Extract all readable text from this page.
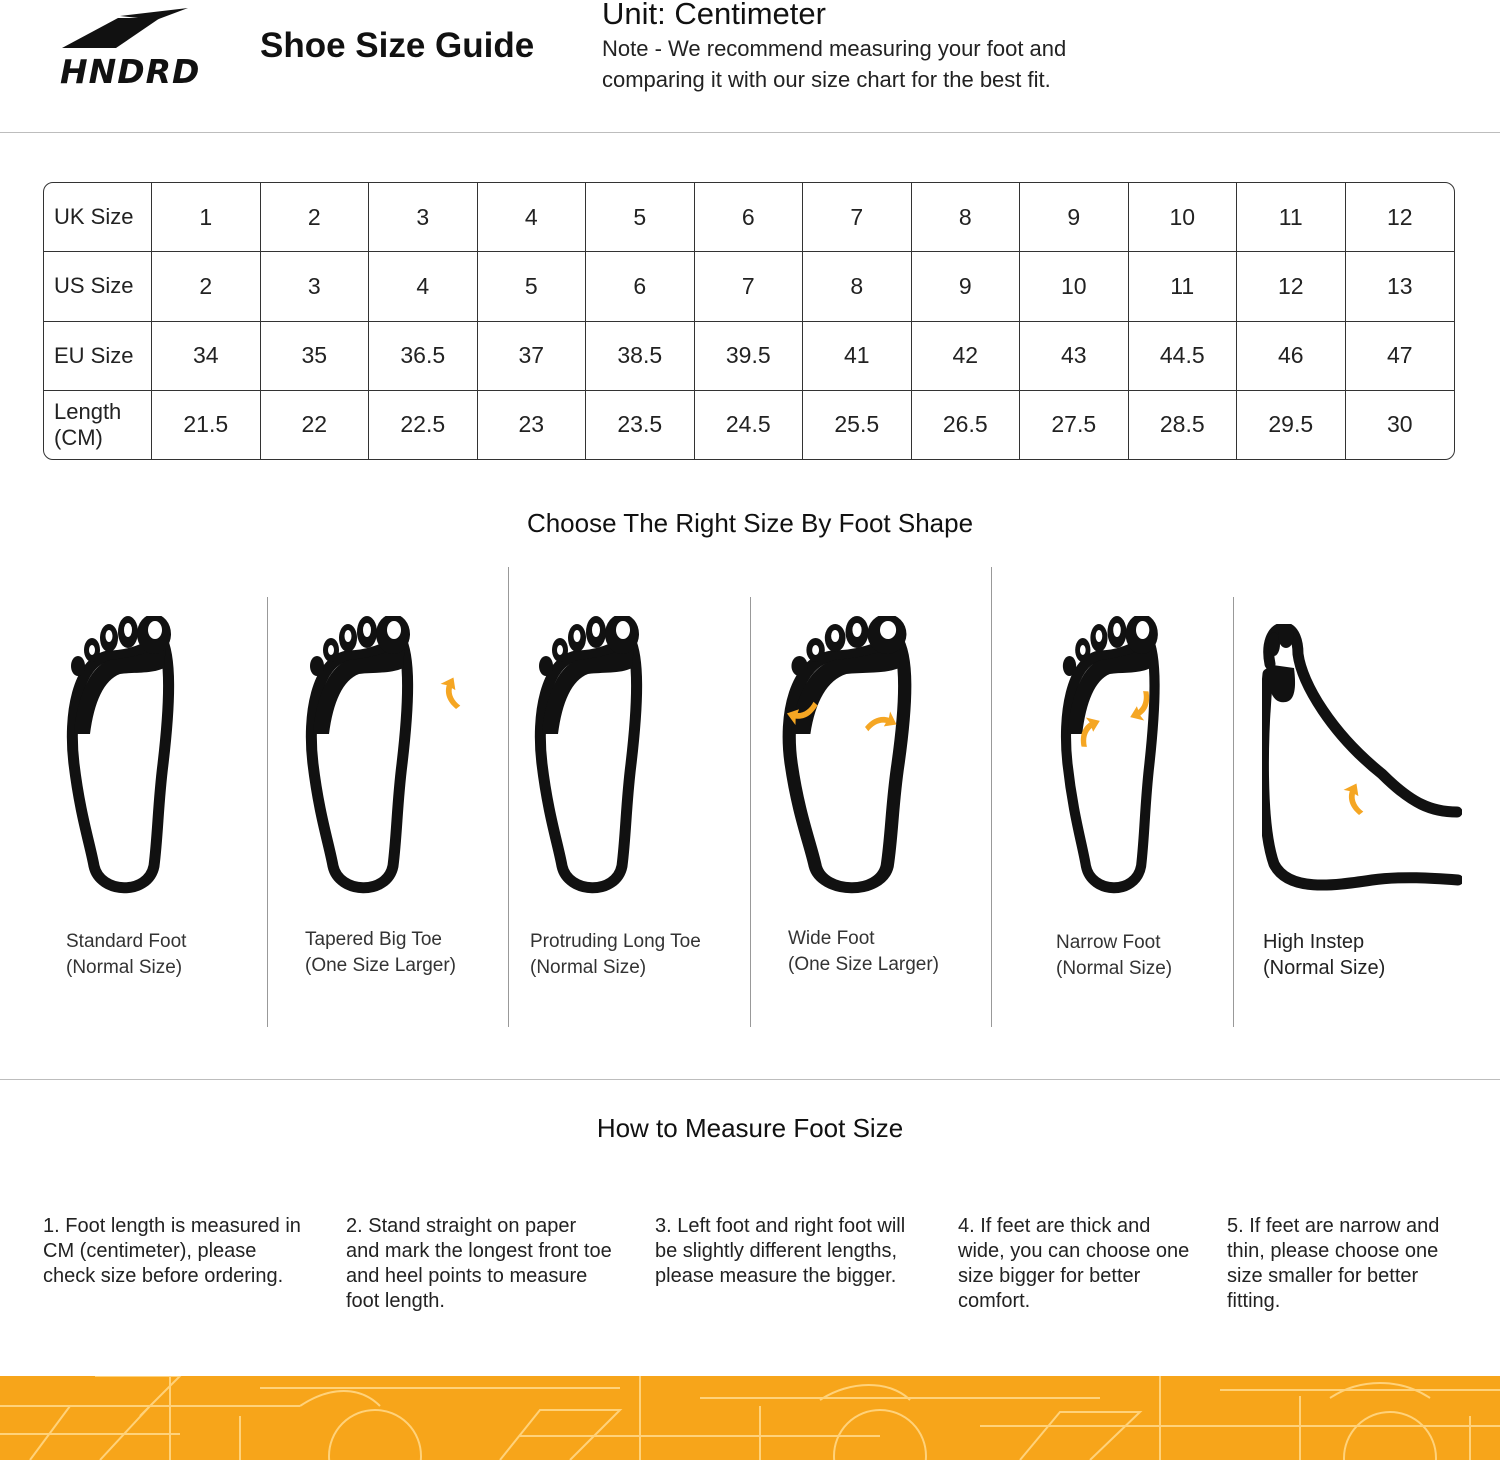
HNDRD
Shoe Size Guide
Unit: Centimeter
Note - We recommend measuring your foot and comparing it with our size chart for the best fit.
UK Size	1	2	3	4	5	6	7	8	9	10	11	12
US Size	2	3	4	5	6	7	8	9	10	11	12	13
EU Size	34	35	36.5	37	38.5	39.5	41	42	43	44.5	46	47
Length (CM)	21.5	22	22.5	23	23.5	24.5	25.5	26.5	27.5	28.5	29.5	30
Choose The Right Size By Foot Shape
Standard Foot
(Normal Size)
Tapered Big Toe
(One Size Larger)
Protruding Long Toe
(Normal Size)
Wide Foot
(One Size Larger)
Narrow Foot
(Normal Size)
High Instep
(Normal Size)
How to Measure Foot Size
1. Foot length is measured in CM (centimeter), please check size before ordering.
2. Stand straight on paper and mark the longest front toe and heel points to measure foot length.
3. Left foot and right foot will be slightly different lengths, please measure the bigger.
4. If feet are thick and wide, you can choose one size bigger for better comfort.
5. If feet are narrow and thin, please choose one size smaller for better fitting.
